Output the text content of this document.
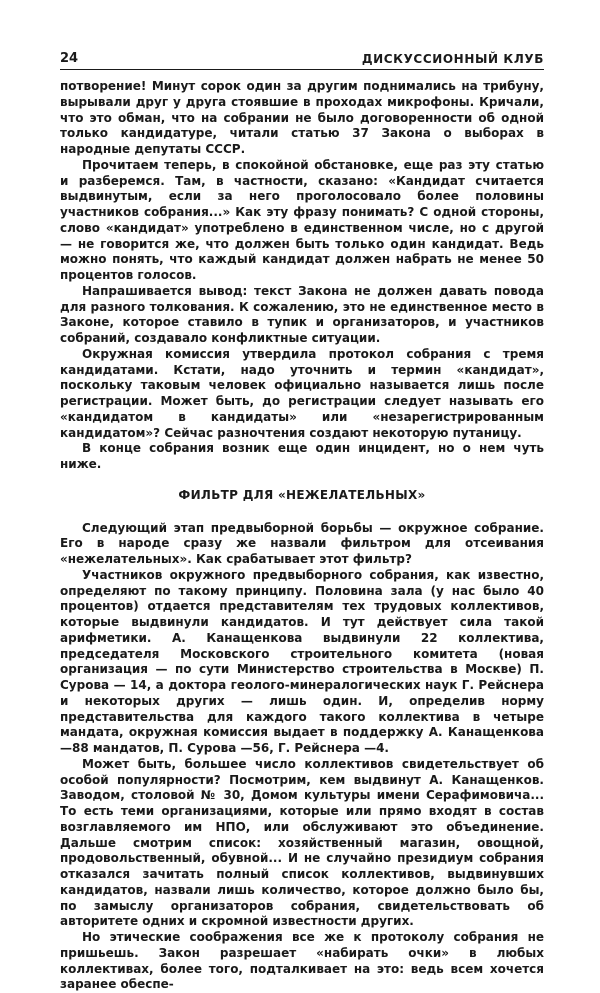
24	ДИСКУССИОННЫЙ КЛУБ

потворение! Минут сорок один за другим поднимались на трибуну, вырывали друг у друга стоявшие в проходах микрофоны. Кричали, что это обман, что на собрании не было договоренности об одной только кандидатуре, читали статью 37 Закона о выборах в народные депутаты СССР.

Прочитаем теперь, в спокойной обстановке, еще раз эту статью и разберемся. Там, в частности, сказано: «Кандидат считается выдвинутым, если за него проголосовало более половины участников собрания...» Как эту фразу понимать? С одной стороны, слово «кандидат» употреблено в единственном числе, но с другой — не говорится же, что должен быть только один кандидат. Ведь можно понять, что каждый кандидат должен набрать не менее 50 процентов голосов.

Напрашивается вывод: текст Закона не должен давать повода для разного толкования. К сожалению, это не единственное место в Законе, которое ставило в тупик и организаторов, и участников собраний, создавало конфликтные ситуации.

Окружная комиссия утвердила протокол собрания с тремя кандидатами. Кстати, надо уточнить и термин «кандидат», поскольку таковым человек официально называется лишь после регистрации. Может быть, до регистрации следует называть его «кандидатом в кандидаты» или «незарегистрированным кандидатом»? Сейчас разночтения создают некоторую путаницу.

В конце собрания возник еще один инцидент, но о нем чуть ниже.

ФИЛЬТР ДЛЯ «НЕЖЕЛАТЕЛЬНЫХ»

Следующий этап предвыборной борьбы — окружное собрание. Его в народе сразу же назвали фильтром для отсеивания «нежелательных». Как срабатывает этот фильтр?

Участников окружного предвыборного собрания, как известно, определяют по такому принципу. Половина зала (у нас было 40 процентов) отдается представителям тех трудовых коллективов, которые выдвинули кандидатов. И тут действует сила такой арифметики. А. Канащенкова выдвинули 22 коллектива, председателя Московского строительного комитета (новая организация — по сути Министерство строительства в Москве) П. Сурова — 14, а доктора геолого-минералогических наук Г. Рейснера и некоторых других — лишь один. И, определив норму представительства для каждого такого коллектива в четыре мандата, окружная комиссия выдает в поддержку А. Канащенкова —88 мандатов, П. Сурова —56, Г. Рейснера —4.

Может быть, большее число коллективов свидетельствует об особой популярности? Посмотрим, кем выдвинут А. Канащенков. Заводом, столовой № 30, Домом культуры имени Серафимовича... То есть теми организациями, которые или прямо входят в состав возглавляемого им НПО, или обслуживают это объединение. Дальше смотрим список: хозяйственный магазин, овощной, продовольственный, обувной... И не случайно президиум собрания отказался зачитать полный список коллективов, выдвинувших кандидатов, назвали лишь количество, которое должно было бы, по замыслу организаторов собрания, свидетельствовать об авторитете одних и скромной известности других.

Но этические соображения все же к протоколу собрания не пришьешь. Закон разрешает «набирать очки» в любых коллективах, более того, подталкивает на это: ведь всем хочется заранее обеспе-
